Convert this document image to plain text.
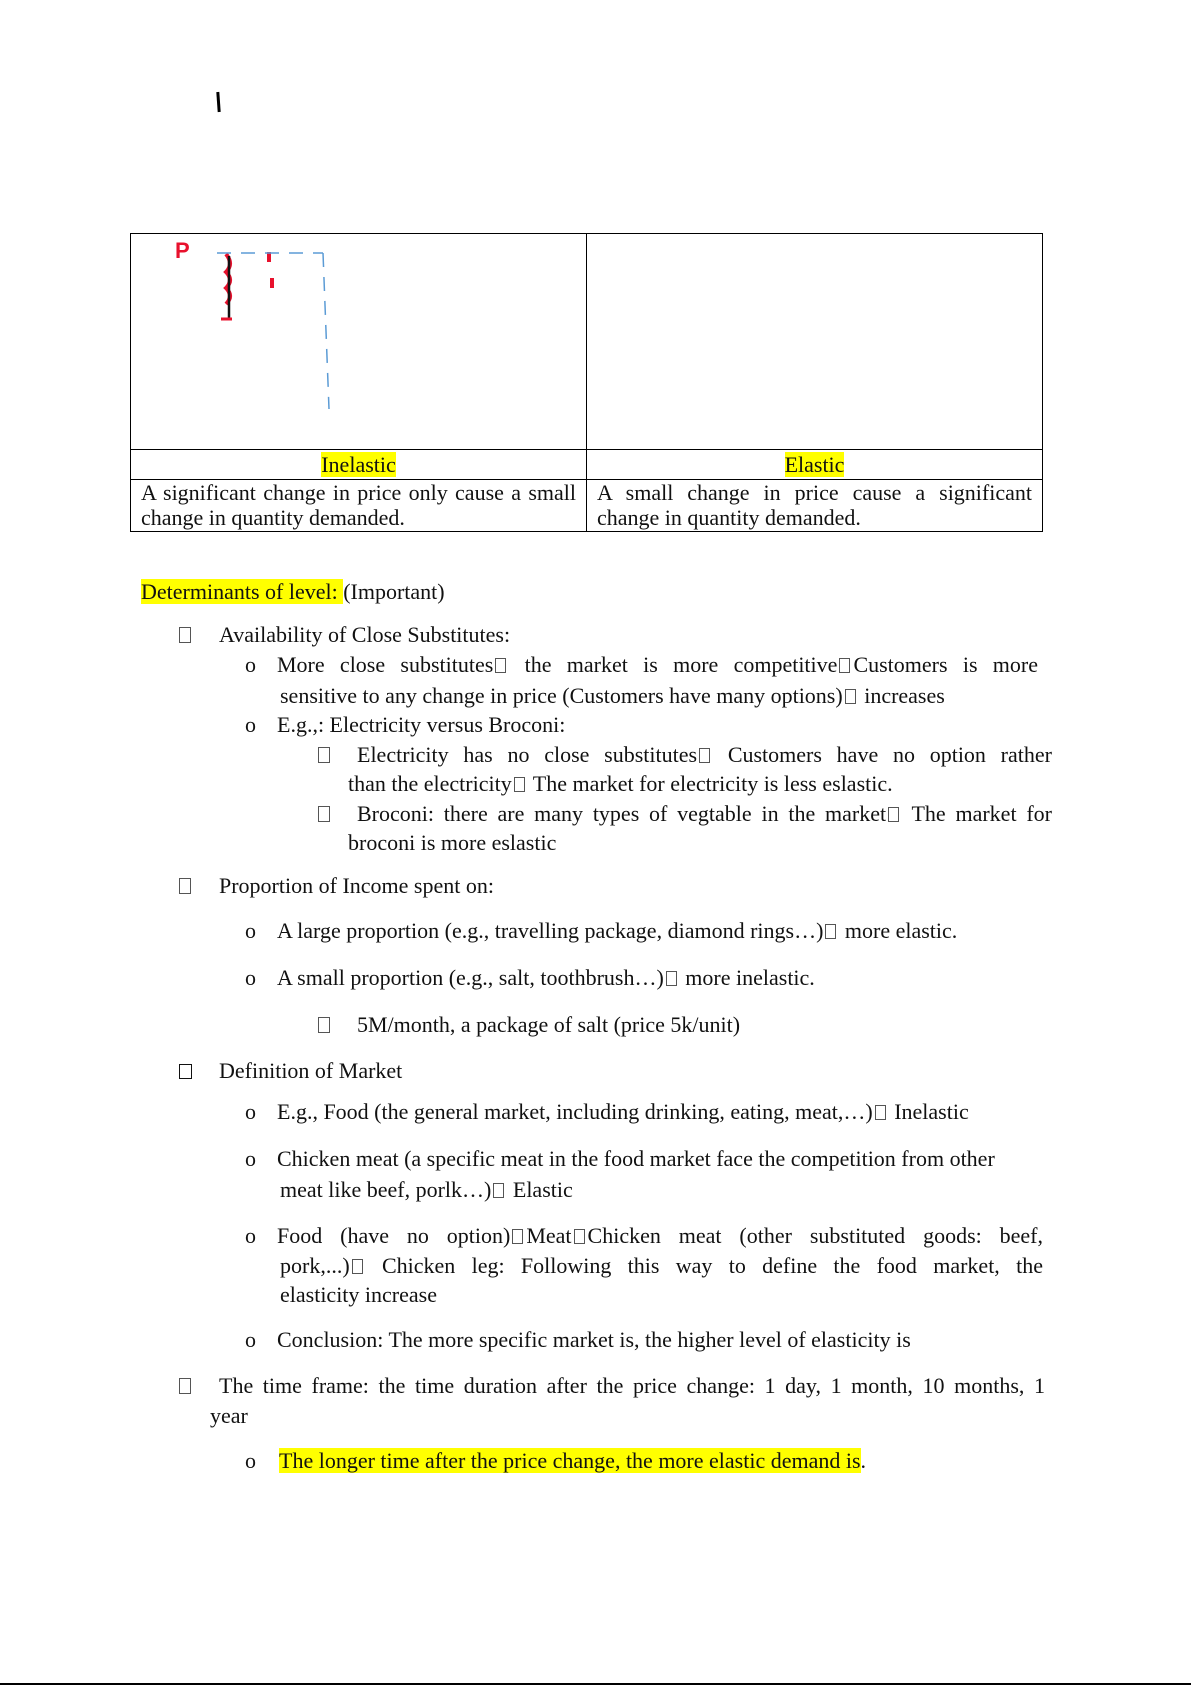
P	

Inelastic	Elastic
A significant change in price only cause a small change in quantity demanded.	A small change in price cause a significant change in quantity demanded.
Determinants of level: (Important)
Availability of Close Substitutes:
o More close substitutes the market is more competitive Customers is more
sensitive to any change in price (Customers have many options) increases
o E.g.,: Electricity versus Broconi:
Electricity has no close substitutes Customers have no option rather
than the electricity The market for electricity is less eslastic.
Broconi: there are many types of vegtable in the market The market for
broconi is more eslastic
Proportion of Income spent on:
o A large proportion (e.g., travelling package, diamond rings…) more elastic.
o A small proportion (e.g., salt, toothbrush…) more inelastic.
5M/month, a package of salt (price 5k/unit)
Definition of Market
o E.g., Food (the general market, including drinking, eating, meat,…) Inelastic
o Chicken meat (a specific meat in the food market face the competition from other
meat like beef, porlk…) Elastic
o Food (have no option) Meat Chicken meat (other substituted goods: beef,
pork,...) Chicken leg: Following this way to define the food market, the
elasticity increase
o Conclusion: The more specific market is, the higher level of elasticity is
The time frame: the time duration after the price change: 1 day, 1 month, 10 months, 1
year
o The longer time after the price change, the more elastic demand is.
